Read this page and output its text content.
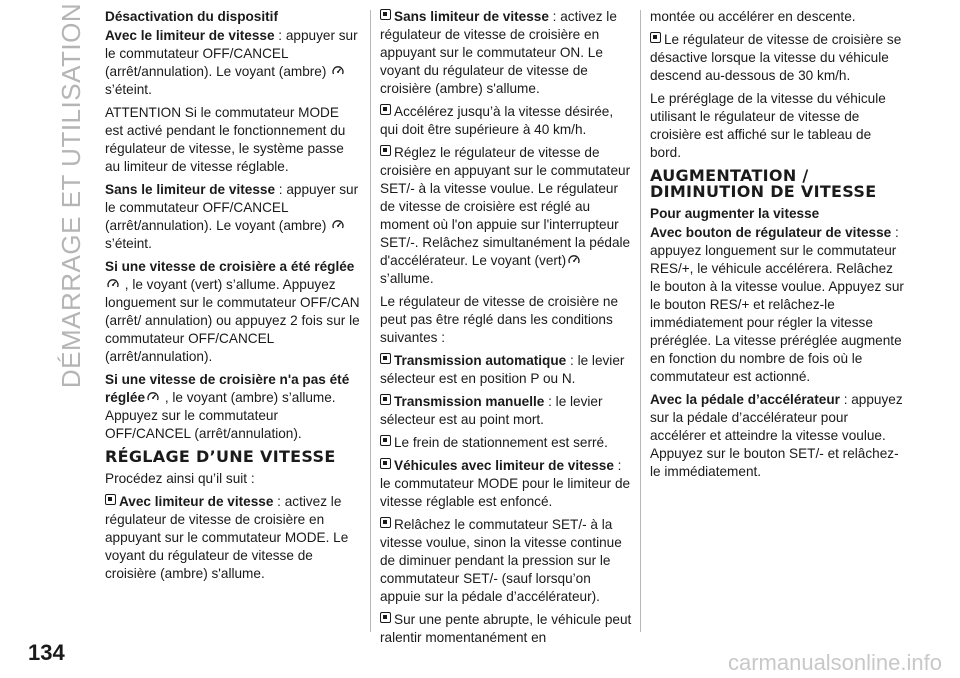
DÉMARRAGE ET UTILISATION Désactivation du dispositif

Avec le limiteur de vitesse : appuyer sur le commutateur OFF/CANCEL (arrêt/annulation). Le voyant (ambre)  s’éteint.

ATTENTION Si le commutateur MODE est activé pendant le fonctionnement du régulateur de vitesse, le système passe au limiteur de vitesse réglable.

Sans le limiteur de vitesse : appuyer sur le commutateur OFF/CANCEL (arrêt/annulation). Le voyant (ambre)  s’éteint.

Si une vitesse de croisière a été réglée , le voyant (vert) s’allume. Appuyez longuement sur le commutateur OFF/CAN (arrêt/ annulation) ou appuyez 2 fois sur le commutateur OFF/CANCEL (arrêt/annulation).

Si une vitesse de croisière n'a pas été réglée , le voyant (ambre) s’allume. Appuyez sur le commutateur OFF/CANCEL (arrêt/annulation).

RÉGLAGE D’UNE VITESSE

Procédez ainsi qu’il suit :

Avec limiteur de vitesse : activez le régulateur de vitesse de croisière en appuyant sur le commutateur MODE. Le voyant du régulateur de vitesse de croisière (ambre) s'allume.

Sans limiteur de vitesse : activez le régulateur de vitesse de croisière en appuyant sur le commutateur ON. Le voyant du régulateur de vitesse de croisière (ambre) s'allume.

Accélérez jusqu’à la vitesse désirée, qui doit être supérieure à 40 km/h.

Réglez le régulateur de vitesse de croisière en appuyant sur le commutateur SET/- à la vitesse voulue. Le régulateur de vitesse de croisière est réglé au moment où l'on appuie sur l'interrupteur SET/-. Relâchez simultanément la pédale d'accélérateur. Le voyant (vert) s’allume.

Le régulateur de vitesse de croisière ne peut pas être réglé dans les conditions suivantes :

Transmission automatique : le levier sélecteur est en position P ou N.

Transmission manuelle : le levier sélecteur est au point mort.

Le frein de stationnement est serré.

Véhicules avec limiteur de vitesse : le commutateur MODE pour le limiteur de vitesse réglable est enfoncé.

Relâchez le commutateur SET/- à la vitesse voulue, sinon la vitesse continue de diminuer pendant la pression sur le commutateur SET/- (sauf lorsqu’on appuie sur la pédale d’accélérateur).

Sur une pente abrupte, le véhicule peut ralentir momentanément en

montée ou accélérer en descente.

Le régulateur de vitesse de croisière se désactive lorsque la vitesse du véhicule descend au-dessous de 30 km/h.

Le préréglage de la vitesse du véhicule utilisant le régulateur de vitesse de croisière est affiché sur le tableau de bord.

AUGMENTATION / DIMINUTION DE VITESSE
Pour augmenter la vitesse

Avec bouton de régulateur de vitesse : appuyez longuement sur le commutateur RES/+, le véhicule accélérera. Relâchez le bouton à la vitesse voulue. Appuyez sur le bouton RES/+ et relâchez-le immédiatement pour régler la vitesse préréglée. La vitesse préréglée augmente en fonction du nombre de fois où le commutateur est actionné.

Avec la pédale d’accélérateur : appuyez sur la pédale d’accélérateur pour accélérer et atteindre la vitesse voulue. Appuyez sur le bouton SET/- et relâchez-le immédiatement.

134	carmanualsonline.info
